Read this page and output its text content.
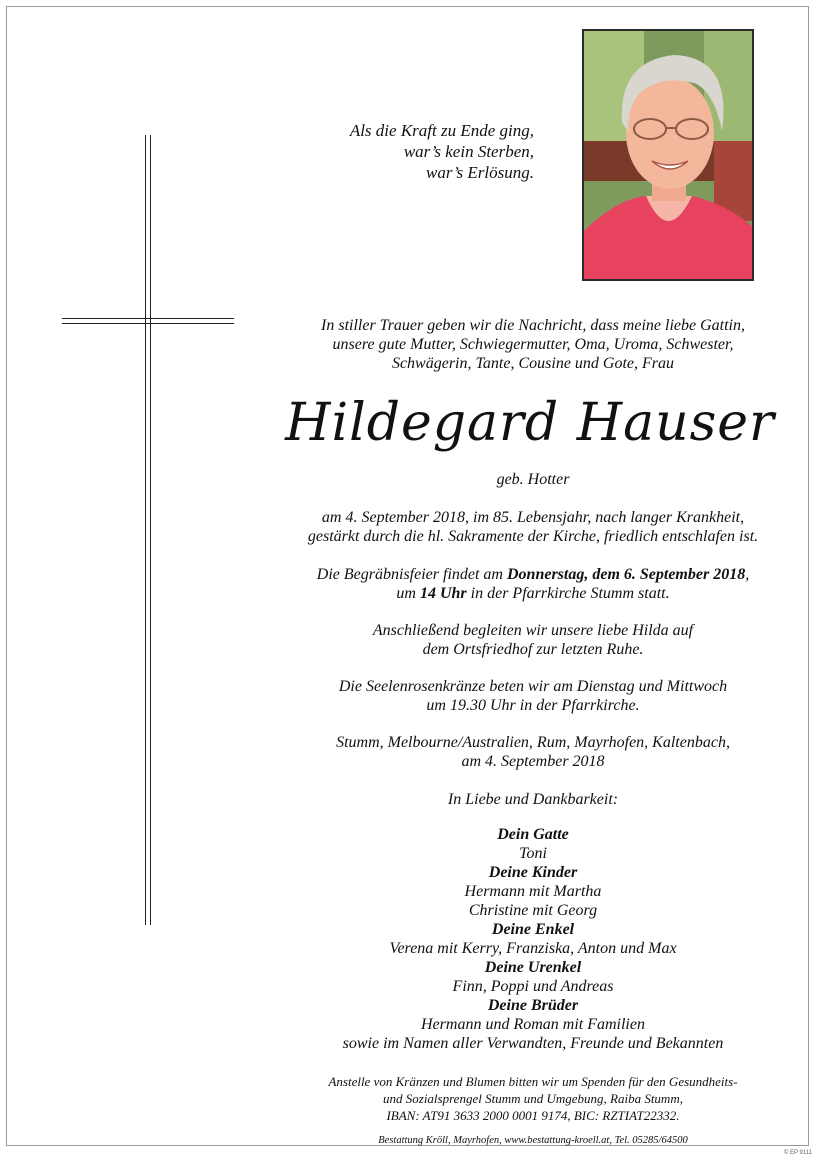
Als die Kraft zu Ende ging,
war’s kein Sterben,
war’s Erlösung.
In stiller Trauer geben wir die Nachricht, dass meine liebe Gattin,
unsere gute Mutter, Schwiegermutter, Oma, Uroma, Schwester,
Schwägerin, Tante, Cousine und Gote, Frau
Hildegard Hauser
geb. Hotter
am 4. September 2018, im 85. Lebensjahr, nach langer Krankheit,
gestärkt durch die hl. Sakramente der Kirche, friedlich entschlafen ist.
Die Begräbnisfeier findet am Donnerstag, dem 6. September 2018,
um 14 Uhr in der Pfarrkirche Stumm statt.
Anschließend begleiten wir unsere liebe Hilda auf
dem Ortsfriedhof zur letzten Ruhe.
Die Seelenrosenkränze beten wir am Dienstag und Mittwoch
um 19.30 Uhr in der Pfarrkirche.
Stumm, Melbourne/Australien, Rum, Mayrhofen, Kaltenbach,
am 4. September 2018
In Liebe und Dankbarkeit:
Dein Gatte
Toni
Deine Kinder
Hermann mit Martha
Christine mit Georg
Deine Enkel
Verena mit Kerry, Franziska, Anton und Max
Deine Urenkel
Finn, Poppi und Andreas
Deine Brüder
Hermann und Roman mit Familien
sowie im Namen aller Verwandten, Freunde und Bekannten
Anstelle von Kränzen und Blumen bitten wir um Spenden für den Gesundheits-
und Sozialsprengel Stumm und Umgebung, Raiba Stumm,
IBAN: AT91 3633 2000 0001 9174, BIC: RZTIAT22332.
Bestattung Kröll, Mayrhofen, www.bestattung-kroell.at, Tel. 05285/64500
© EP 9111
